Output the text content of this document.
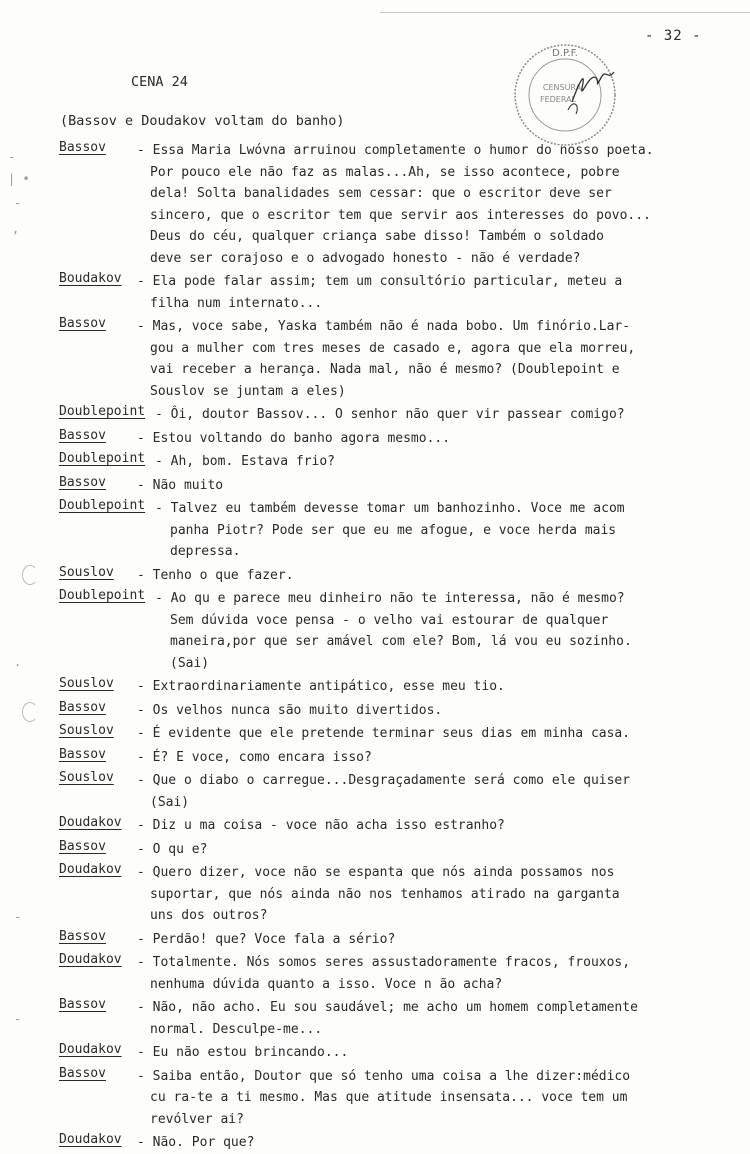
- 32 -
D.P.F.
CENSURA
FEDERAL
CENA 24
(Bassov e Doudakov voltam do banho)
-
| •
-
,
.
-
-
Bassov - Essa Maria Lwóvna arruinou completamente o humor do nosso poeta.
Por pouco ele não faz as malas...Ah, se isso acontece, pobre
dela! Solta banalidades sem cessar: que o escritor deve ser
sincero, que o escritor tem que servir aos interesses do povo...
Deus do céu, qualquer criança sabe disso! Também o soldado
deve ser corajoso e o advogado honesto - não é verdade?
Boudakov - Ela pode falar assim; tem um consultório particular, meteu a
filha num internato...
Bassov - Mas, voce sabe, Yaska também não é nada bobo. Um finório.Lar-
gou a mulher com tres meses de casado e, agora que ela morreu,
vai receber a herança. Nada mal, não é mesmo? (Doublepoint e
Souslov se juntam a eles)
Doublepoint - Ôi, doutor Bassov... O senhor não quer vir passear comigo?
Bassov - Estou voltando do banho agora mesmo...
Doublepoint - Ah, bom. Estava frio?
Bassov - Não muito
Doublepoint - Talvez eu também devesse tomar um banhozinho. Voce me acom
panha Piotr? Pode ser que eu me afogue, e voce herda mais
depressa.
Souslov - Tenho o que fazer.
Doublepoint - Ao qu e parece meu dinheiro não te interessa, não é mesmo?
Sem dúvida voce pensa - o velho vai estourar de qualquer
maneira,por que ser amável com ele? Bom, lá vou eu sozinho.
(Sai)
Souslov - Extraordinariamente antipático, esse meu tio.
Bassov - Os velhos nunca são muito divertidos.
Souslov - É evidente que ele pretende terminar seus dias em minha casa.
Bassov - É? E voce, como encara isso?
Souslov - Que o diabo o carregue...Desgraçadamente será como ele quiser
(Sai)
Doudakov - Diz u ma coisa - voce não acha isso estranho?
Bassov - O qu e?
Doudakov - Quero dizer, voce não se espanta que nós ainda possamos nos
suportar, que nós ainda não nos tenhamos atirado na garganta
uns dos outros?
Bassov - Perdão! que? Voce fala a sério?
Doudakov - Totalmente. Nós somos seres assustadoramente fracos, frouxos,
nenhuma dúvida quanto a isso. Voce n ão acha?
Bassov - Não, não acho. Eu sou saudável; me acho um homem completamente
normal. Desculpe-me...
Doudakov - Eu não estou brincando...
Bassov - Saiba então, Doutor que só tenho uma coisa a lhe dizer:médico
cu ra-te a ti mesmo. Mas que atitude insensata... voce tem um
revólver ai?
Doudakov - Não. Por que?
